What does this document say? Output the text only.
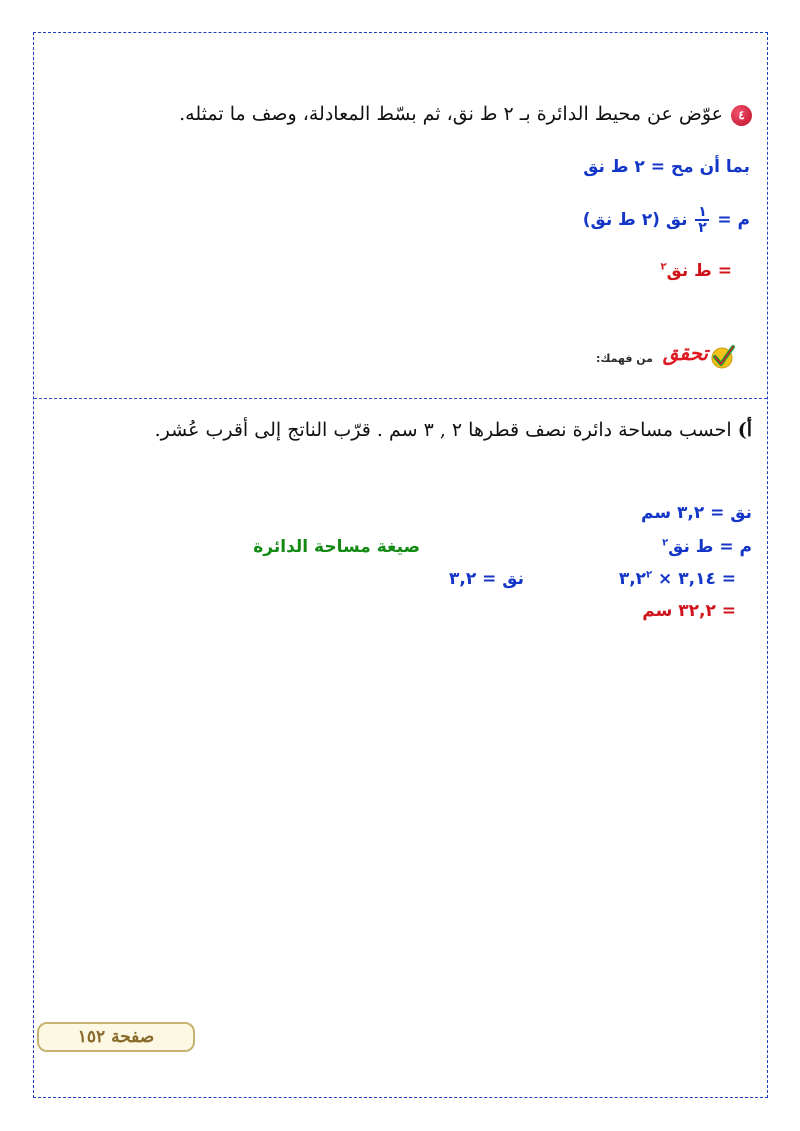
٤عوّض عن محيط الدائرة بـ ٢ ط نق، ثم بسّط المعادلة، وصف ما تمثله.
بما أن مح = ٢ ط نق
م =
$\frac{١}{٢}$
نق (٢ ط نق)
= ط نق$^٢$
تحقق
من فهمك:
أ) احسب مساحة دائرة نصف قطرها ٢ , ٣ سم . قرّب الناتج إلى أقرب عُشر.
نق = ٣,٢ سم
م = ط نق$^٢$
صيغة مساحة الدائرة
= ٣,١٤ × $٣,٢^٢$
نق = ٣,٢
= ٣٢,٢ سم
صفحة ١٥٢
